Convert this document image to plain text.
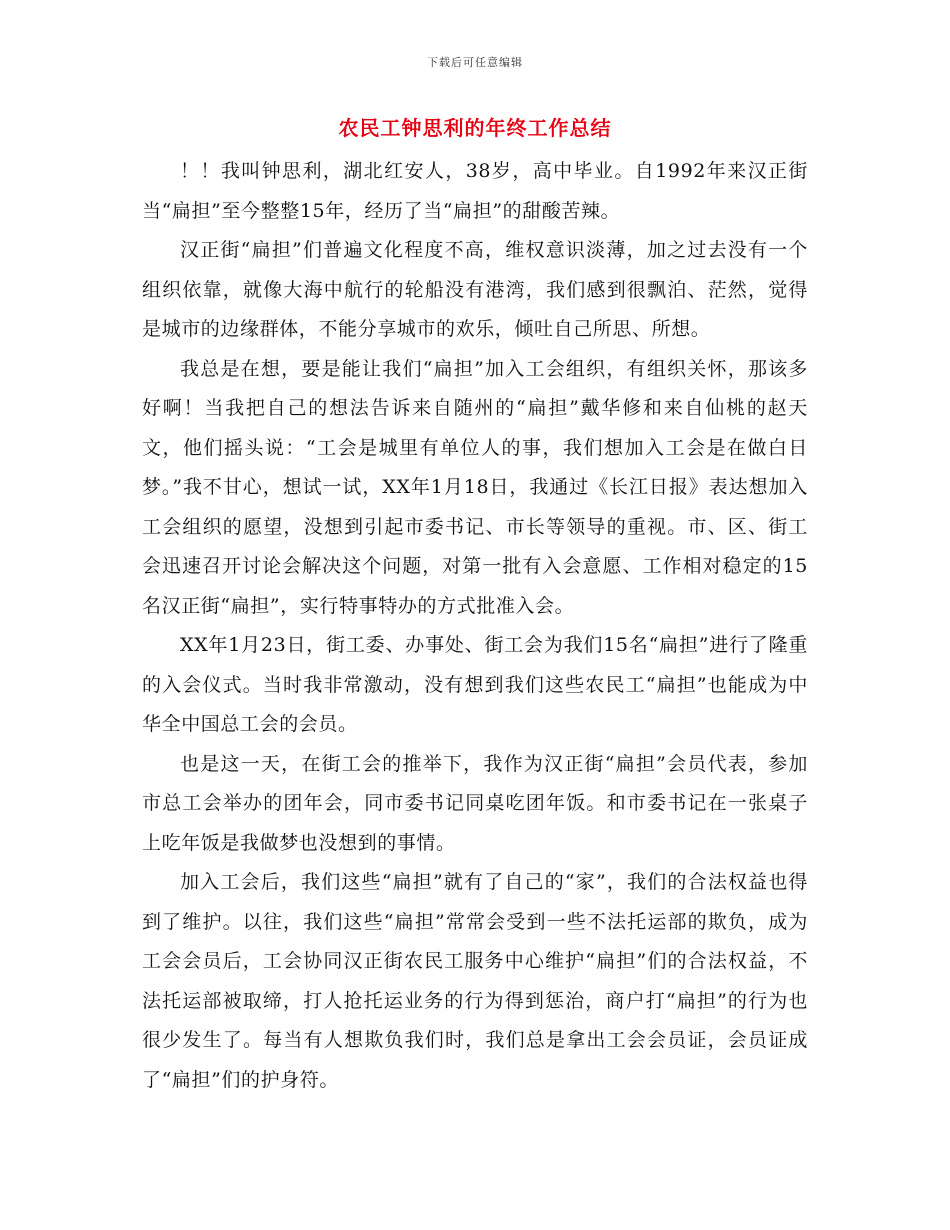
下载后可任意编辑
农民工钟思利的年终工作总结

！！我叫钟思利，湖北红安人，38岁，高中毕业。自1992年来汉正街当“扁担”至今整整15年，经历了当“扁担”的甜酸苦辣。

汉正街“扁担”们普遍文化程度不高，维权意识淡薄，加之过去没有一个组织依靠，就像大海中航行的轮船没有港湾，我们感到很飘泊、茫然，觉得是城市的边缘群体，不能分享城市的欢乐，倾吐自己所思、所想。

我总是在想，要是能让我们“扁担”加入工会组织，有组织关怀，那该多好啊！当我把自己的想法告诉来自随州的“扁担”戴华修和来自仙桃的赵天文，他们摇头说：“工会是城里有单位人的事，我们想加入工会是在做白日梦。”我不甘心，想试一试，XX年1月18日，我通过《长江日报》表达想加入工会组织的愿望，没想到引起市委书记、市长等领导的重视。市、区、街工会迅速召开讨论会解决这个问题，对第一批有入会意愿、工作相对稳定的15名汉正街“扁担”，实行特事特办的方式批准入会。

XX年1月23日，街工委、办事处、街工会为我们15名“扁担”进行了隆重的入会仪式。当时我非常激动，没有想到我们这些农民工“扁担”也能成为中华全中国总工会的会员。

也是这一天，在街工会的推举下，我作为汉正街“扁担”会员代表，参加市总工会举办的团年会，同市委书记同桌吃团年饭。和市委书记在一张桌子上吃年饭是我做梦也没想到的事情。

加入工会后，我们这些“扁担”就有了自己的“家”，我们的合法权益也得到了维护。以往，我们这些“扁担”常常会受到一些不法托运部的欺负，成为工会会员后，工会协同汉正街农民工服务中心维护“扁担”们的合法权益，不法托运部被取缔，打人抢托运业务的行为得到惩治，商户打“扁担”的行为也很少发生了。每当有人想欺负我们时，我们总是拿出工会会员证，会员证成了“扁担”们的护身符。
